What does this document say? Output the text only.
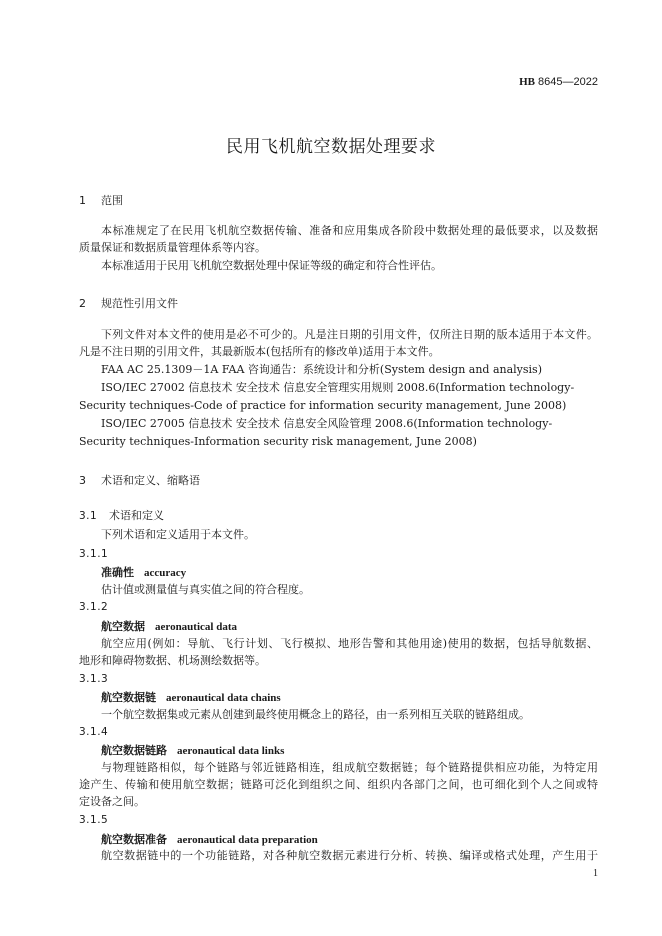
HB 8645—2022
民用飞机航空数据处理要求
1 范围
本标准规定了在民用飞机航空数据传输、准备和应用集成各阶段中数据处理的最低要求，以及数据
质量保证和数据质量管理体系等内容。
本标准适用于民用飞机航空数据处理中保证等级的确定和符合性评估。
2 规范性引用文件
下列文件对本文件的使用是必不可少的。凡是注日期的引用文件，仅所注日期的版本适用于本文件。
凡是不注日期的引用文件，其最新版本(包括所有的修改单)适用于本文件。
FAA AC 25.1309－1A FAA 咨询通告：系统设计和分析(System design and analysis)
ISO/IEC 27002 信息技术 安全技术 信息安全管理实用规则 2008.6(Information technology-
Security techniques-Code of practice for information security management, June 2008)
ISO/IEC 27005 信息技术 安全技术 信息安全风险管理 2008.6(Information technology-
Security techniques-Information security risk management, June 2008)
3 术语和定义、缩略语
3.1 术语和定义
下列术语和定义适用于本文件。
3.1.1
准确性 accuracy
估计值或测量值与真实值之间的符合程度。
3.1.2
航空数据 aeronautical data
航空应用(例如：导航、飞行计划、飞行模拟、地形告警和其他用途)使用的数据，包括导航数据、
地形和障碍物数据、机场测绘数据等。
3.1.3
航空数据链 aeronautical data chains
一个航空数据集或元素从创建到最终使用概念上的路径，由一系列相互关联的链路组成。
3.1.4
航空数据链路 aeronautical data links
与物理链路相似，每个链路与邻近链路相连，组成航空数据链；每个链路提供相应功能，为特定用
途产生、传输和使用航空数据；链路可泛化到组织之间、组织内各部门之间，也可细化到个人之间或特
定设备之间。
3.1.5
航空数据准备 aeronautical data preparation
航空数据链中的一个功能链路，对各种航空数据元素进行分析、转换、编译或格式处理，产生用于
1
